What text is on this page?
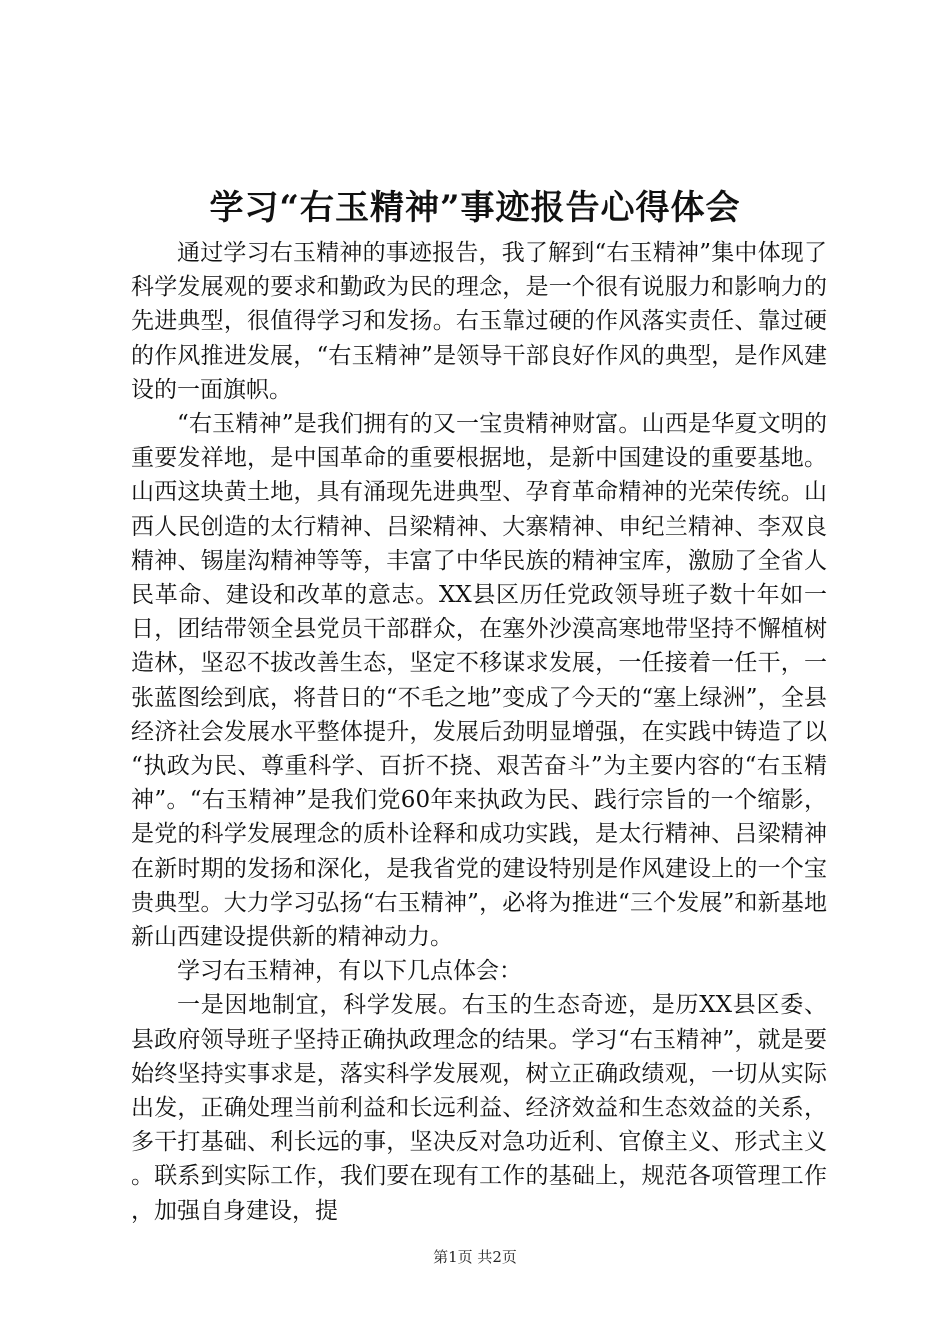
学习“右玉精神”事迹报告心得体会

通过学习右玉精神的事迹报告，我了解到“右玉精神”集中体现了科学发展观的要求和勤政为民的理念，是一个很有说服力和影响力的先进典型，很值得学习和发扬。右玉靠过硬的作风落实责任、靠过硬的作风推进发展，“右玉精神”是领导干部良好作风的典型，是作风建设的一面旗帜。

“右玉精神”是我们拥有的又一宝贵精神财富。山西是华夏文明的重要发祥地，是中国革命的重要根据地，是新中国建设的重要基地。山西这块黄土地，具有涌现先进典型、孕育革命精神的光荣传统。山西人民创造的太行精神、吕梁精神、大寨精神、申纪兰精神、李双良精神、锡崖沟精神等等，丰富了中华民族的精神宝库，激励了全省人民革命、建设和改革的意志。XX县区历任党政领导班子数十年如一日，团结带领全县党员干部群众，在塞外沙漠高寒地带坚持不懈植树造林，坚忍不拔改善生态，坚定不移谋求发展，一任接着一任干，一张蓝图绘到底，将昔日的“不毛之地”变成了今天的“塞上绿洲”，全县经济社会发展水平整体提升，发展后劲明显增强，在实践中铸造了以“执政为民、尊重科学、百折不挠、艰苦奋斗”为主要内容的“右玉精神”。“右玉精神”是我们党60年来执政为民、践行宗旨的一个缩影，是党的科学发展理念的质朴诠释和成功实践，是太行精神、吕梁精神在新时期的发扬和深化，是我省党的建设特别是作风建设上的一个宝贵典型。大力学习弘扬“右玉精神”，必将为推进“三个发展”和新基地新山西建设提供新的精神动力。

学习右玉精神，有以下几点体会：

一是因地制宜，科学发展。右玉的生态奇迹，是历XX县区委、县政府领导班子坚持正确执政理念的结果。学习“右玉精神”，就是要始终坚持实事求是，落实科学发展观，树立正确政绩观，一切从实际出发，正确处理当前利益和长远利益、经济效益和生态效益的关系，多干打基础、利长远的事，坚决反对急功近利、官僚主义、形式主义。联系到实际工作，我们要在现有工作的基础上，规范各项管理工作，加强自身建设，提

第1页 共2页
